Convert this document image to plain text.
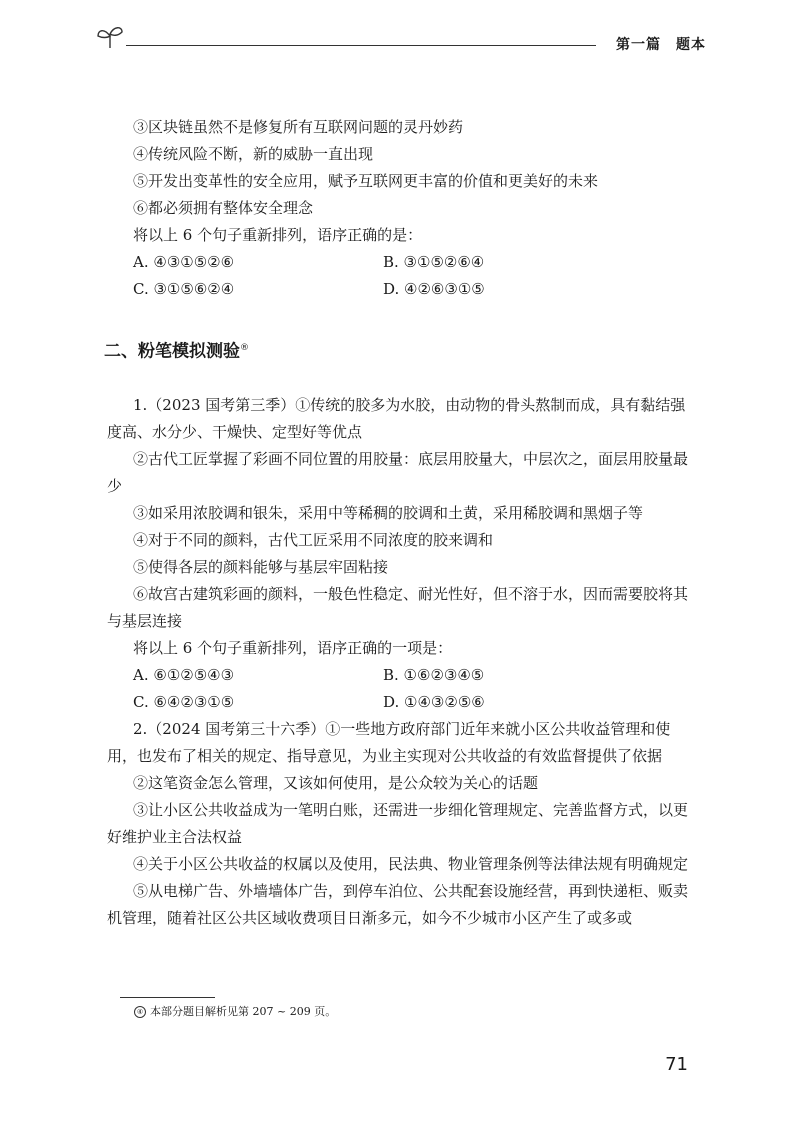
第一篇　题本

③区块链虽然不是修复所有互联网问题的灵丹妙药

④传统风险不断，新的威胁一直出现

⑤开发出变革性的安全应用，赋予互联网更丰富的价值和更美好的未来

⑥都必须拥有整体安全理念

将以上 6 个句子重新排列，语序正确的是：

A. ④③①⑤②⑥	B. ③①⑤②⑥④
C. ③①⑤⑥②④	D. ④②⑥③①⑤
二、粉笔模拟测验®

1.（2023 国考第三季）①传统的胶多为水胶，由动物的骨头熬制而成，具有黏结强度高、水分少、干燥快、定型好等优点

②古代工匠掌握了彩画不同位置的用胶量：底层用胶量大，中层次之，面层用胶量最少

③如采用浓胶调和银朱，采用中等稀稠的胶调和土黄，采用稀胶调和黑烟子等

④对于不同的颜料，古代工匠采用不同浓度的胶来调和

⑤使得各层的颜料能够与基层牢固粘接

⑥故宫古建筑彩画的颜料，一般色性稳定、耐光性好，但不溶于水，因而需要胶将其与基层连接

将以上 6 个句子重新排列，语序正确的一项是：

A. ⑥①②⑤④③	B. ①⑥②③④⑤
C. ⑥④②③①⑤	D. ①④③②⑤⑥

2.（2024 国考第三十六季）①一些地方政府部门近年来就小区公共收益管理和使用，也发布了相关的规定、指导意见，为业主实现对公共收益的有效监督提供了依据

②这笔资金怎么管理，又该如何使用，是公众较为关心的话题

③让小区公共收益成为一笔明白账，还需进一步细化管理规定、完善监督方式，以更好维护业主合法权益

④关于小区公共收益的权属以及使用，民法典、物业管理条例等法律法规有明确规定

⑤从电梯广告、外墙墙体广告，到停车泊位、公共配套设施经营，再到快递柜、贩卖机管理，随着社区公共区域收费项目日渐多元，如今不少城市小区产生了或多或

④ 本部分题目解析见第 207 ~ 209 页。
71
